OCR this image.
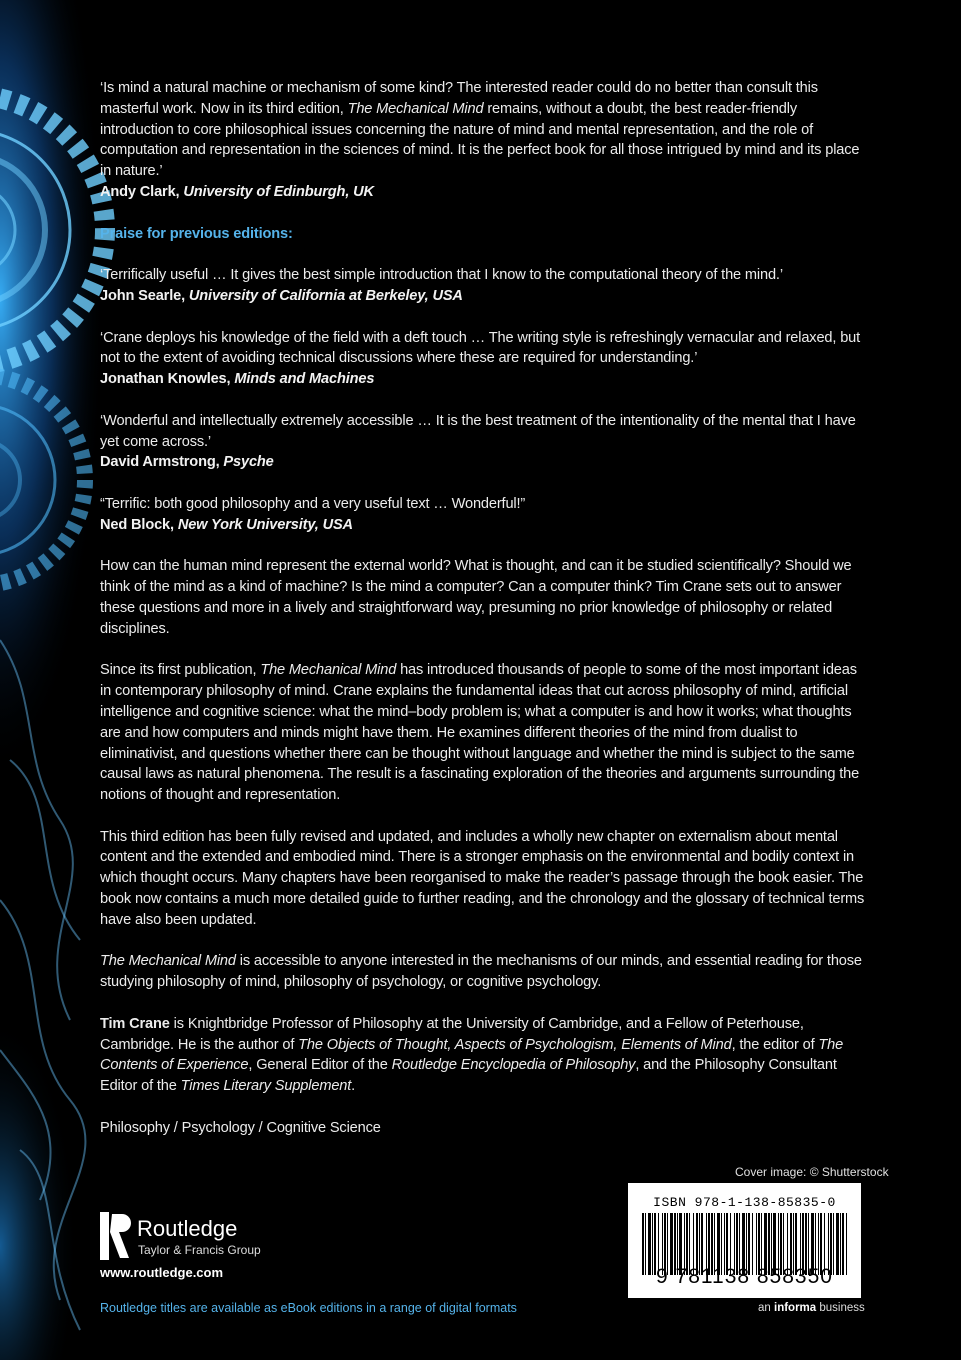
‘Is mind a natural machine or mechanism of some kind? The interested reader could do no better than consult this masterful work. Now in its third edition, The Mechanical Mind remains, without a doubt, the best reader-friendly introduction to core philosophical issues concerning the nature of mind and mental representation, and the role of computation and representation in the sciences of mind. It is the perfect book for all those intrigued by mind and its place in nature.’

Andy Clark, University of Edinburgh, UK

Praise for previous editions:

‘Terrifically useful … It gives the best simple introduction that I know to the computational theory of the mind.’

John Searle, University of California at Berkeley, USA

‘Crane deploys his knowledge of the field with a deft touch … The writing style is refreshingly vernacular and relaxed, but not to the extent of avoiding technical discussions where these are required for understanding.’

Jonathan Knowles, Minds and Machines

‘Wonderful and intellectually extremely accessible … It is the best treatment of the intentionality of the mental that I have yet come across.’

David Armstrong, Psyche

“Terrific: both good philosophy and a very useful text … Wonderful!”

Ned Block, New York University, USA

How can the human mind represent the external world? What is thought, and can it be studied scientifically? Should we think of the mind as a kind of machine? Is the mind a computer? Can a computer think? Tim Crane sets out to answer these questions and more in a lively and straightforward way, presuming no prior knowledge of philosophy or related disciplines.

Since its first publication, The Mechanical Mind has introduced thousands of people to some of the most important ideas in contemporary philosophy of mind. Crane explains the fundamental ideas that cut across philosophy of mind, artificial intelligence and cognitive science: what the mind–body problem is; what a computer is and how it works; what thoughts are and how computers and minds might have them. He examines different theories of the mind from dualist to eliminativist, and questions whether there can be thought without language and whether the mind is subject to the same causal laws as natural phenomena. The result is a fascinating exploration of the theories and arguments surrounding the notions of thought and representation.

This third edition has been fully revised and updated, and includes a wholly new chapter on externalism about mental content and the extended and embodied mind. There is a stronger emphasis on the environmental and bodily context in which thought occurs. Many chapters have been reorganised to make the reader’s passage through the book easier. The book now contains a much more detailed guide to further reading, and the chronology and the glossary of technical terms have also been updated.

The Mechanical Mind is accessible to anyone interested in the mechanisms of our minds, and essential reading for those studying philosophy of mind, philosophy of psychology, or cognitive psychology.

Tim Crane is Knightbridge Professor of Philosophy at the University of Cambridge, and a Fellow of Peterhouse, Cambridge. He is the author of The Objects of Thought, Aspects of Psychologism, Elements of Mind, the editor of The Contents of Experience, General Editor of the Routledge Encyclopedia of Philosophy, and the Philosophy Consultant Editor of the Times Literary Supplement.

Philosophy / Psychology / Cognitive Science

Cover image: © Shutterstock
ISBN 978-1-138-85835-0
9 781138 858350
an informa business
Routledge
Taylor & Francis Group
www.routledge.com
Routledge titles are available as eBook editions in a range of digital formats
